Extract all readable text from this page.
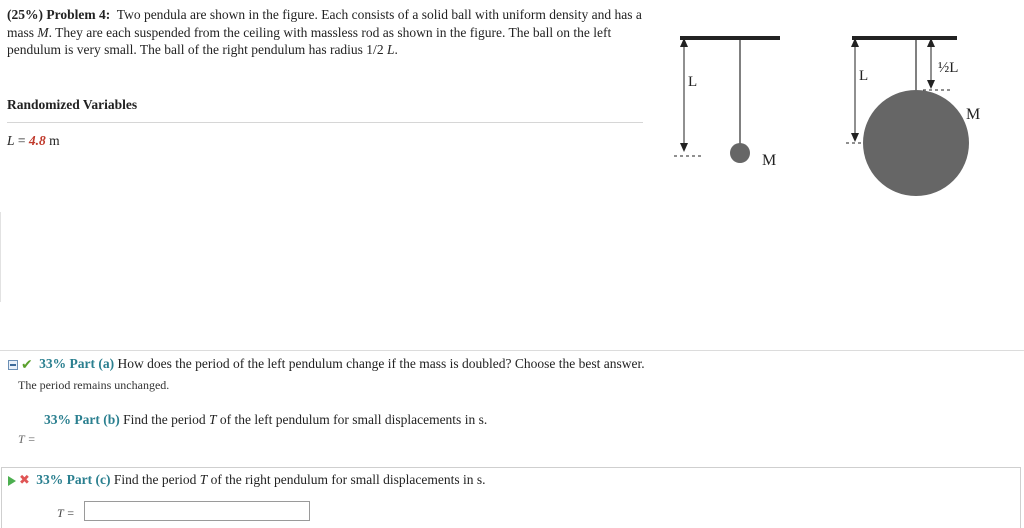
(25%) Problem 4: Two pendula are shown in the figure. Each consists of a solid ball with uniform density and has a mass M. They are each suspended from the ceiling with massless rod as shown in the figure. The ball on the left pendulum is very small. The ball of the right pendulum has radius 1/2 L.
Randomized Variables
L = 4.8 m
L
M
L	½L
M
✔ 33% Part (a) How does the period of the left pendulum change if the mass is doubled? Choose the best answer.
The period remains unchanged.
33% Part (b) Find the period T of the left pendulum for small displacements in s.
T =
✖ 33% Part (c) Find the period T of the right pendulum for small displacements in s.
T =
